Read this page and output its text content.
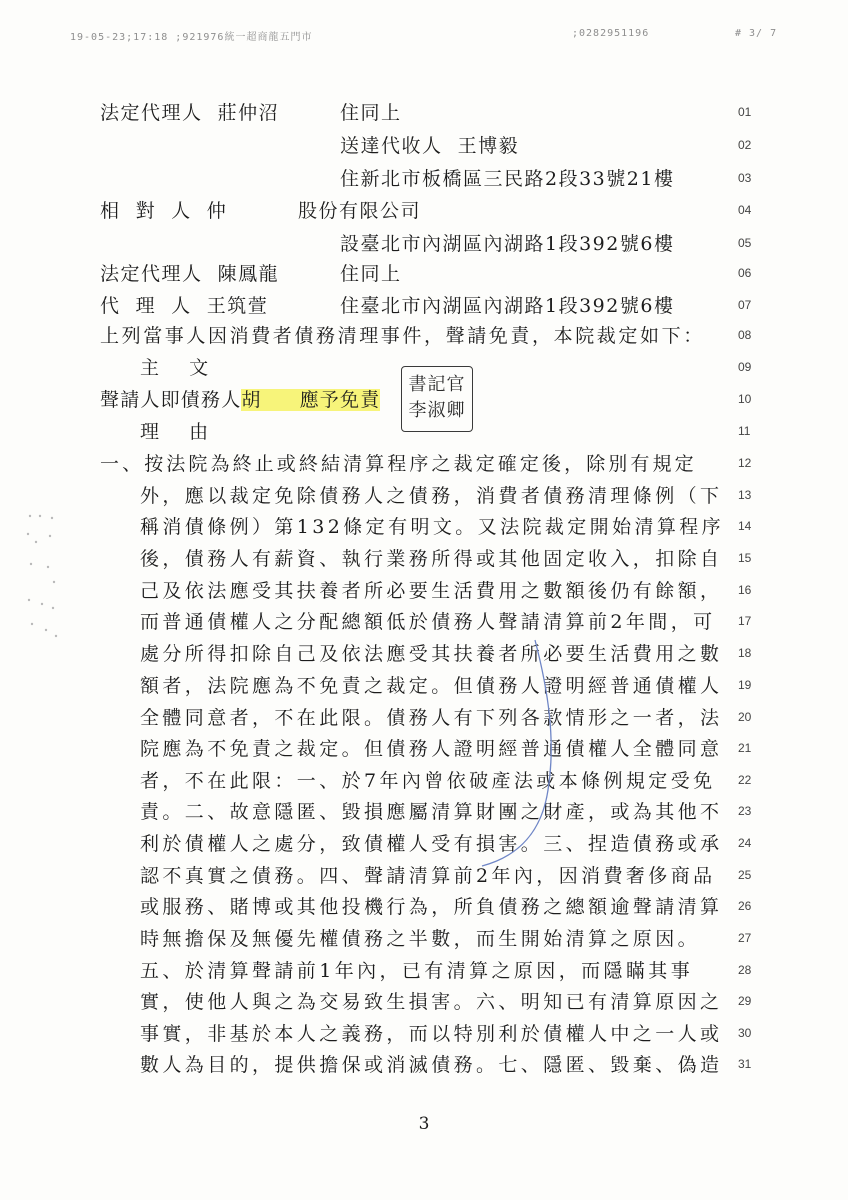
19-05-23;17:18 ;921976統一超商龍五門市	;0282951196	# 3/ 7
法定代理人  莊仲沼	住同上	01
送達代收人  王博毅	02
住新北市板橋區三民路2段33號21樓	03
相  對  人  仲	股份有限公司	04
設臺北市內湖區內湖路1段392號6樓	05
法定代理人  陳鳳龍	住同上	06
代  理  人  王筑萱	住臺北市內湖區內湖路1段392號6樓	07
上列當事人因消費者債務清理事件，聲請免責，本院裁定如下：	08
主  文	09
聲請人即債務人胡 應予免責	10
理  由	11
一、按法院為終止或終結清算程序之裁定確定後，除別有規定	12
外，應以裁定免除債務人之債務，消費者債務清理條例（下 13
稱消債條例）第132條定有明文。又法院裁定開始清算程序 14
後，債務人有薪資、執行業務所得或其他固定收入，扣除自 15
己及依法應受其扶養者所必要生活費用之數額後仍有餘額， 16
而普通債權人之分配總額低於債務人聲請清算前2年間，可 17
處分所得扣除自己及依法應受其扶養者所必要生活費用之數 18
額者，法院應為不免責之裁定。但債務人證明經普通債權人 19
全體同意者，不在此限。債務人有下列各款情形之一者，法 20
院應為不免責之裁定。但債務人證明經普通債權人全體同意 21
者，不在此限：一、於7年內曾依破產法或本條例規定受免 22
責。二、故意隱匿、毀損應屬清算財團之財產，或為其他不 23
利於債權人之處分，致債權人受有損害。三、捏造債務或承 24
認不真實之債務。四、聲請清算前2年內，因消費奢侈商品 25
或服務、賭博或其他投機行為，所負債務之總額逾聲請清算 26
時無擔保及無優先權債務之半數，而生開始清算之原因。	27
五、於清算聲請前1年內，已有清算之原因，而隱瞞其事	28
實，使他人與之為交易致生損害。六、明知已有清算原因之 29
事實，非基於本人之義務，而以特別利於債權人中之一人或 30
數人為目的，提供擔保或消滅債務。七、隱匿、毀棄、偽造 31
書記官
李淑卿
3
